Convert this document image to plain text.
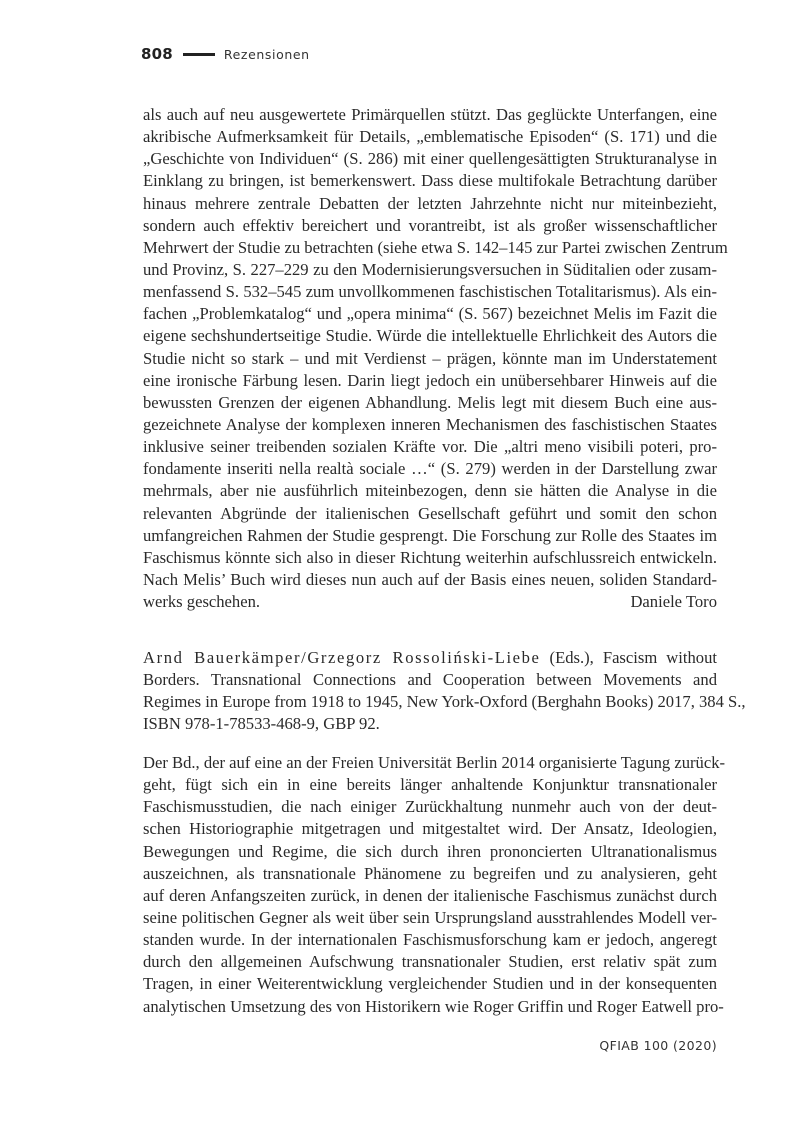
808	Rezensionen
als auch auf neu ausgewertete Primärquellen stützt. Das geglückte Unterfangen, eine
akribische Aufmerksamkeit für Details, „emblematische Episoden“ (S. 171) und die
„Geschichte von Individuen“ (S. 286) mit einer quellengesättigten Strukturanalyse in
Einklang zu bringen, ist bemerkenswert. Dass diese multifokale Betrachtung darüber
hinaus mehrere zentrale Debatten der letzten Jahrzehnte nicht nur miteinbezieht,
sondern auch effektiv bereichert und vorantreibt, ist als großer wissenschaftlicher
Mehrwert der Studie zu betrachten (siehe etwa S. 142–145 zur Partei zwischen Zentrum
und Provinz, S. 227–229 zu den Modernisierungsversuchen in Süditalien oder zusam-
menfassend S. 532–545 zum unvollkommenen faschistischen Totalitarismus). Als ein-
fachen „Problemkatalog“ und „opera minima“ (S. 567) bezeichnet Melis im Fazit die
eigene sechshundertseitige Studie. Würde die intellektuelle Ehrlichkeit des Autors die
Studie nicht so stark – und mit Verdienst – prägen, könnte man im Understatement
eine ironische Färbung lesen. Darin liegt jedoch ein unübersehbarer Hinweis auf die
bewussten Grenzen der eigenen Abhandlung. Melis legt mit diesem Buch eine aus-
gezeichnete Analyse der komplexen inneren Mechanismen des faschistischen Staates
inklusive seiner treibenden sozialen Kräfte vor. Die „altri meno visibili poteri, pro-
fondamente inseriti nella realtà sociale …“ (S. 279) werden in der Darstellung zwar
mehrmals, aber nie ausführlich miteinbezogen, denn sie hätten die Analyse in die
relevanten Abgründe der italienischen Gesellschaft geführt und somit den schon
umfangreichen Rahmen der Studie gesprengt. Die Forschung zur Rolle des Staates im
Faschismus könnte sich also in dieser Richtung weiterhin aufschlussreich entwickeln.
Nach Melis’ Buch wird dieses nun auch auf der Basis eines neuen, soliden Standard-
werks geschehen.	Daniele Toro
Arnd Bauerkämper/Grzegorz Rossoliński-Liebe (Eds.), Fascism without
Borders. Transnational Connections and Cooperation between Movements and
Regimes in Europe from 1918 to 1945, New York-Oxford (Berghahn Books) 2017, 384 S.,
ISBN 978-1-78533-468-9, GBP 92.
Der Bd., der auf eine an der Freien Universität Berlin 2014 organisierte Tagung zurück-
geht, fügt sich ein in eine bereits länger anhaltende Konjunktur transnationaler
Faschismusstudien, die nach einiger Zurückhaltung nunmehr auch von der deut-
schen Historiographie mitgetragen und mitgestaltet wird. Der Ansatz, Ideologien,
Bewegungen und Regime, die sich durch ihren prononcierten Ultranationalismus
auszeichnen, als transnationale Phänomene zu begreifen und zu analysieren, geht
auf deren Anfangszeiten zurück, in denen der italienische Faschismus zunächst durch
seine politischen Gegner als weit über sein Ursprungsland ausstrahlendes Modell ver-
standen wurde. In der internationalen Faschismusforschung kam er jedoch, angeregt
durch den allgemeinen Aufschwung transnationaler Studien, erst relativ spät zum
Tragen, in einer Weiterentwicklung vergleichender Studien und in der konsequenten
analytischen Umsetzung des von Historikern wie Roger Griffin und Roger Eatwell pro-
QFIAB 100 (2020)
